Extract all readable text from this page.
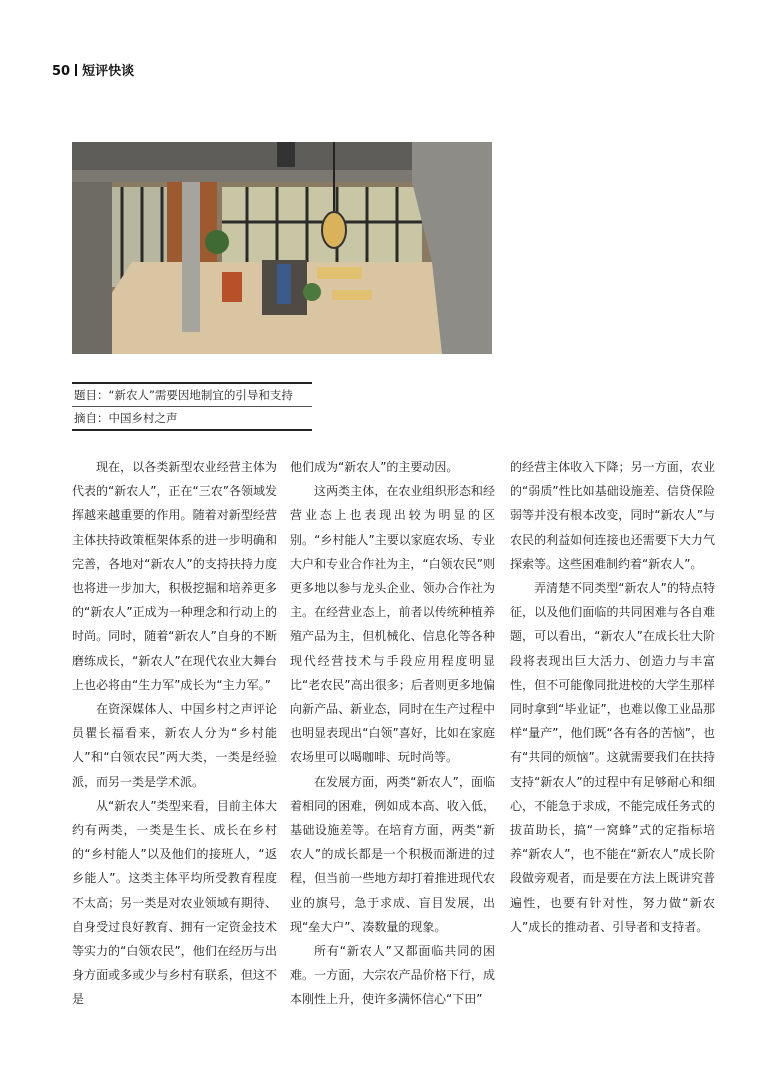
50 短评快谈
题目：“新农人”需要因地制宜的引导和支持
摘自：中国乡村之声

现在，以各类新型农业经营主体为代表的“新农人”，正在“三农”各领域发挥越来越重要的作用。随着对新型经营主体扶持政策框架体系的进一步明确和完善，各地对“新农人”的支持扶持力度也将进一步加大，积极挖掘和培养更多的“新农人”正成为一种理念和行动上的时尚。同时，随着“新农人”自身的不断磨练成长，“新农人”在现代农业大舞台上也必将由“生力军”成长为“主力军。”

在资深媒体人、中国乡村之声评论员瞿长福看来，新农人分为“乡村能人”和“白领农民”两大类，一类是经验派，而另一类是学术派。

从“新农人”类型来看，目前主体大约有两类，一类是生长、成长在乡村的“乡村能人”以及他们的接班人，“返乡能人”。这类主体平均所受教育程度不太高；另一类是对农业领域有期待、自身受过良好教育、拥有一定资金技术等实力的“白领农民”，他们在经历与出身方面或多或少与乡村有联系，但这不是

他们成为“新农人”的主要动因。

这两类主体，在农业组织形态和经营业态上也表现出较为明显的区别。“乡村能人”主要以家庭农场、专业大户和专业合作社为主，“白领农民”则更多地以参与龙头企业、领办合作社为主。在经营业态上，前者以传统种植养殖产品为主，但机械化、信息化等各种现代经营技术与手段应用程度明显比“老农民”高出很多；后者则更多地偏向新产品、新业态，同时在生产过程中也明显表现出“白领”喜好，比如在家庭农场里可以喝咖啡、玩时尚等。

在发展方面，两类“新农人”，面临着相同的困难，例如成本高、收入低，基础设施差等。在培育方面，两类“新农人”的成长都是一个积极而渐进的过程，但当前一些地方却打着推进现代农业的旗号，急于求成、盲目发展，出现“垒大户”、凑数量的现象。

所有“新农人”又都面临共同的困难。一方面，大宗农产品价格下行，成本刚性上升，使许多满怀信心“下田”

的经营主体收入下降；另一方面，农业的“弱质”性比如基础设施差、信贷保险弱等并没有根本改变，同时“新农人”与农民的利益如何连接也还需要下大力气探索等。这些困难制约着“新农人”。

弄清楚不同类型“新农人”的特点特征，以及他们面临的共同困难与各自难题，可以看出，“新农人”在成长壮大阶段将表现出巨大活力、创造力与丰富性，但不可能像同批进校的大学生那样同时拿到“毕业证”，也难以像工业品那样“量产”，他们既“各有各的苦恼”，也有“共同的烦恼”。这就需要我们在扶持支持“新农人”的过程中有足够耐心和细心，不能急于求成，不能完成任务式的拔苗助长，搞“一窝蜂”式的定指标培养“新农人”，也不能在“新农人”成长阶段做旁观者，而是要在方法上既讲究普遍性，也要有针对性，努力做“新农人”成长的推动者、引导者和支持者。
